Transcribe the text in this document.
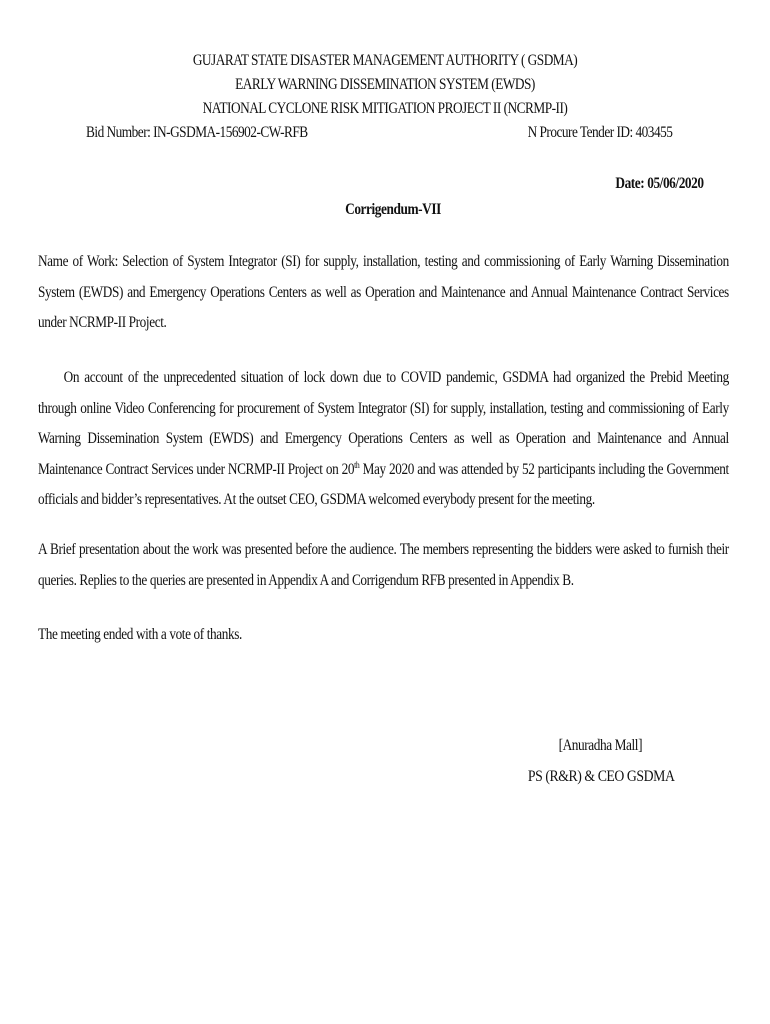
GUJARAT STATE DISASTER MANAGEMENT AUTHORITY ( GSDMA)
EARLY WARNING DISSEMINATION SYSTEM (EWDS)
NATIONAL CYCLONE RISK MITIGATION PROJECT II (NCRMP-II)
Bid Number: IN-GSDMA-156902-CW-RFB	N Procure Tender ID: 403455
Date: 05/06/2020
Corrigendum-VII
Name of Work: Selection of System Integrator (SI) for supply, installation, testing and commissioning of Early Warning Dissemination System (EWDS) and Emergency Operations Centers as well as Operation and Maintenance and Annual Maintenance Contract Services under NCRMP-II Project.
On account of the unprecedented situation of lock down due to COVID pandemic, GSDMA had organized the Prebid Meeting through online Video Conferencing for procurement of System Integrator (SI) for supply, installation, testing and commissioning of Early Warning Dissemination System (EWDS) and Emergency Operations Centers as well as Operation and Maintenance and Annual Maintenance Contract Services under NCRMP-II Project on 20th May 2020 and was attended by 52 participants including the Government officials and bidder’s representatives. At the outset CEO, GSDMA welcomed everybody present for the meeting.
A Brief presentation about the work was presented before the audience. The members representing the bidders were asked to furnish their queries. Replies to the queries are presented in Appendix A and Corrigendum RFB presented in Appendix B.
The meeting ended with a vote of thanks.
[Anuradha Mall]
PS (R&R) & CEO GSDMA
